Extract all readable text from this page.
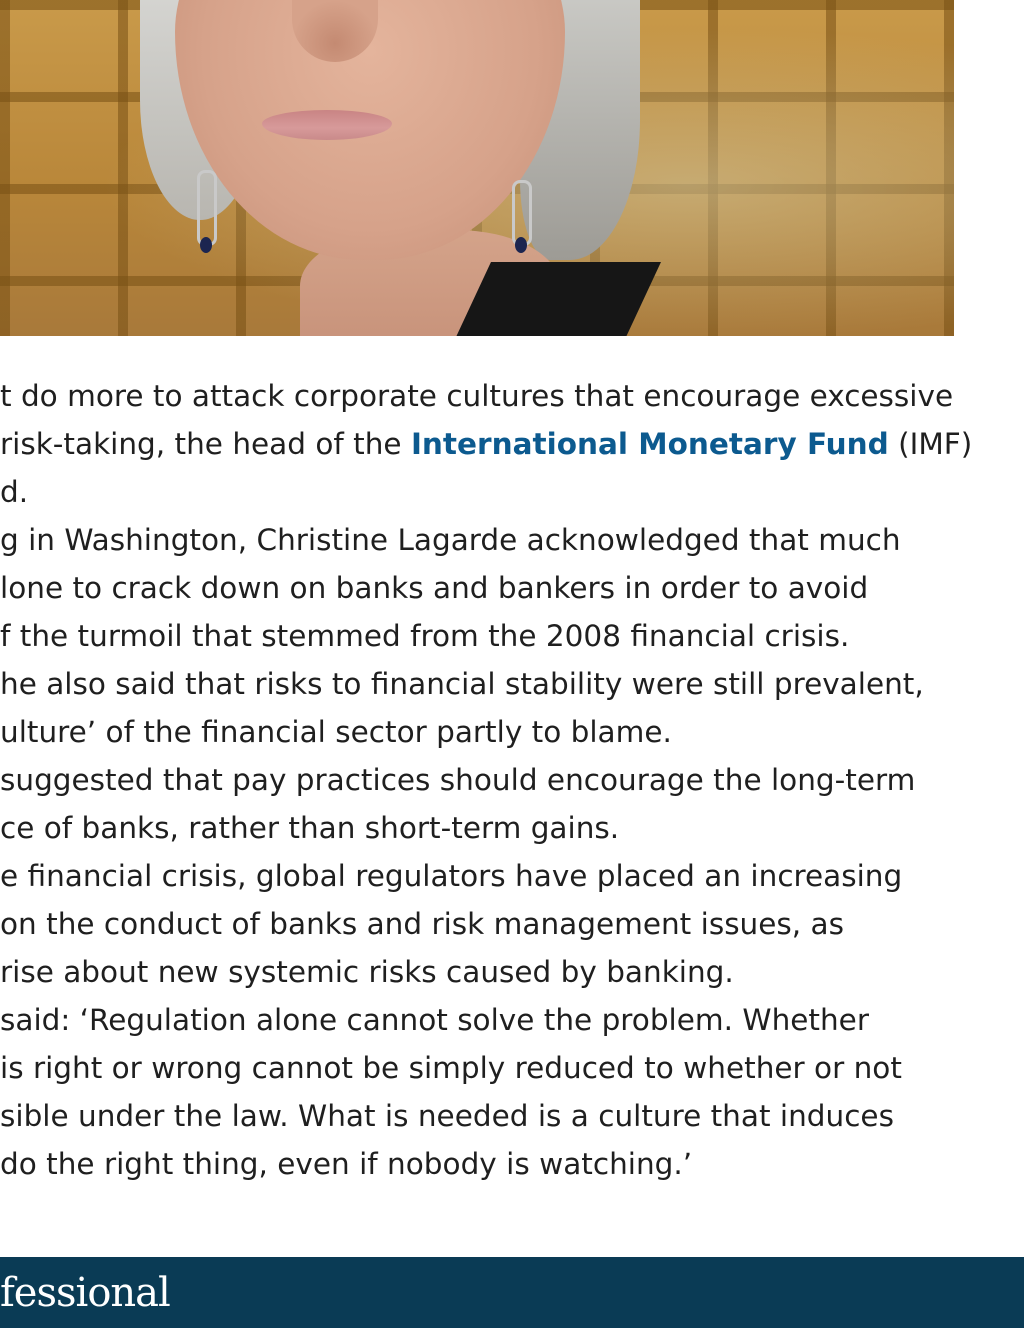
t do more to attack corporate cultures that encourage excessive
risk-taking, the head of the International Monetary Fund (IMF)
d.
g in Washington, Christine Lagarde acknowledged that much
lone to crack down on banks and bankers in order to avoid
f the turmoil that stemmed from the 2008 financial crisis.
he also said that risks to financial stability were still prevalent,
ulture’ of the financial sector partly to blame.
suggested that pay practices should encourage the long-term
ce of banks, rather than short-term gains.
e financial crisis, global regulators have placed an increasing
on the conduct of banks and risk management issues, as
rise about new systemic risks caused by banking.
said: ‘Regulation alone cannot solve the problem. Whether
is right or wrong cannot be simply reduced to whether or not
sible under the law. What is needed is a culture that induces
do the right thing, even if nobody is watching.’
fessional
